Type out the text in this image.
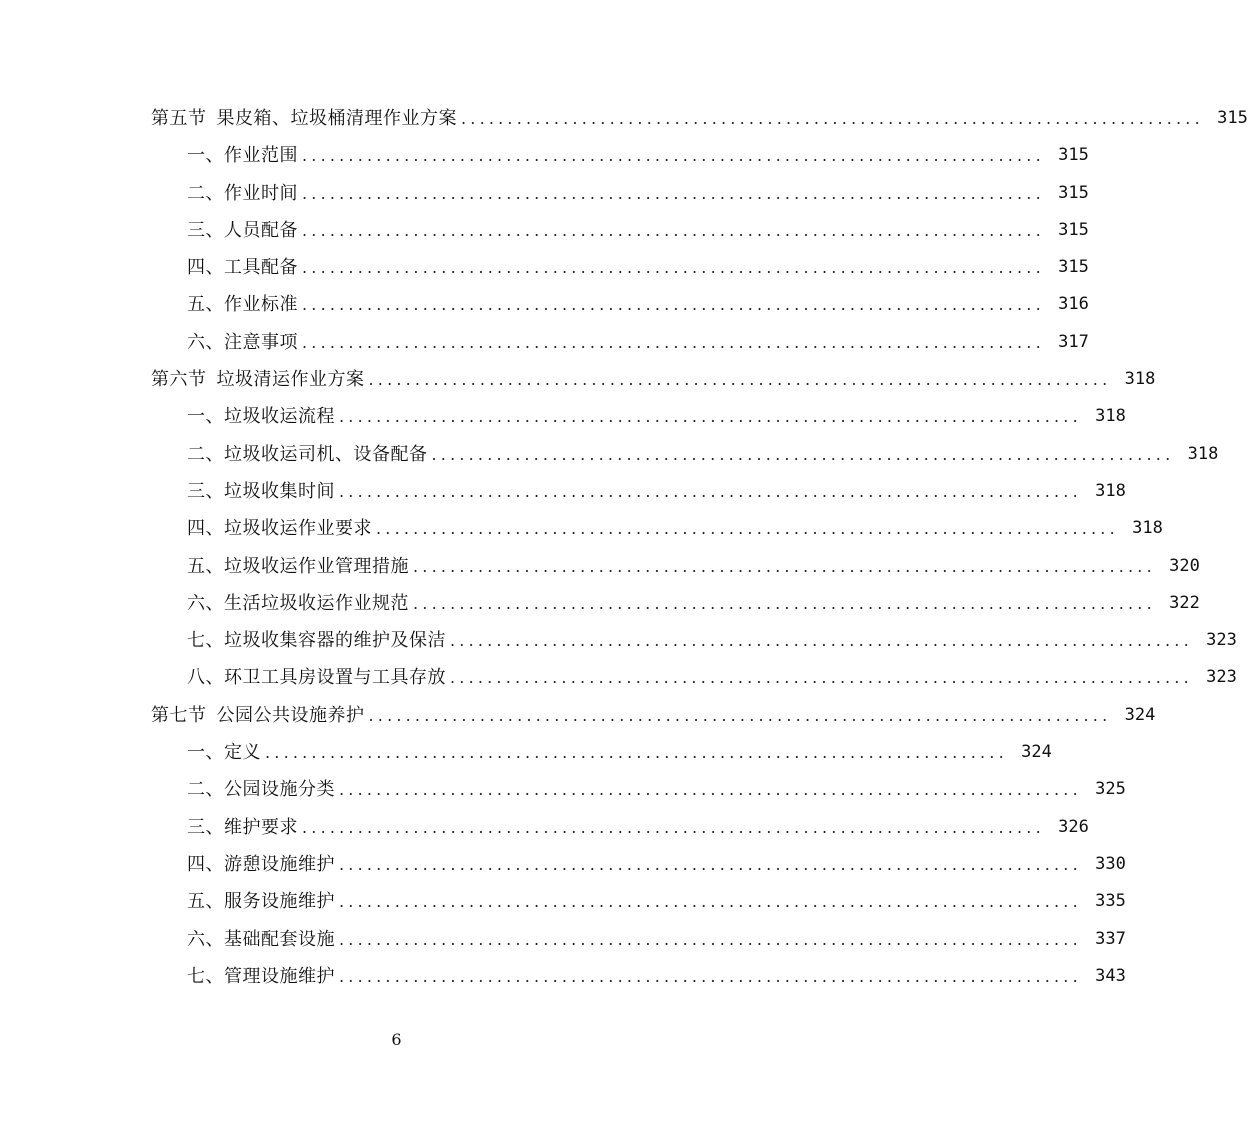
第五节 果皮箱、垃圾桶清理作业方案 ................................................................................ 315
一、作业范围 ................................................................................ 315
二、作业时间 ................................................................................ 315
三、人员配备 ................................................................................ 315
四、工具配备 ................................................................................ 315
五、作业标准 ................................................................................ 316
六、注意事项 ................................................................................ 317
第六节 垃圾清运作业方案 ................................................................................ 318
一、垃圾收运流程 ................................................................................ 318
二、垃圾收运司机、设备配备 ................................................................................ 318
三、垃圾收集时间 ................................................................................ 318
四、垃圾收运作业要求 ................................................................................ 318
五、垃圾收运作业管理措施 ................................................................................ 320
六、生活垃圾收运作业规范 ................................................................................ 322
七、垃圾收集容器的维护及保洁 ................................................................................ 323
八、环卫工具房设置与工具存放 ................................................................................ 323
第七节 公园公共设施养护 ................................................................................ 324
一、定义 ................................................................................ 324
二、公园设施分类 ................................................................................ 325
三、维护要求 ................................................................................ 326
四、游憩设施维护 ................................................................................ 330
五、服务设施维护 ................................................................................ 335
六、基础配套设施 ................................................................................ 337
七、管理设施维护 ................................................................................ 343
6
